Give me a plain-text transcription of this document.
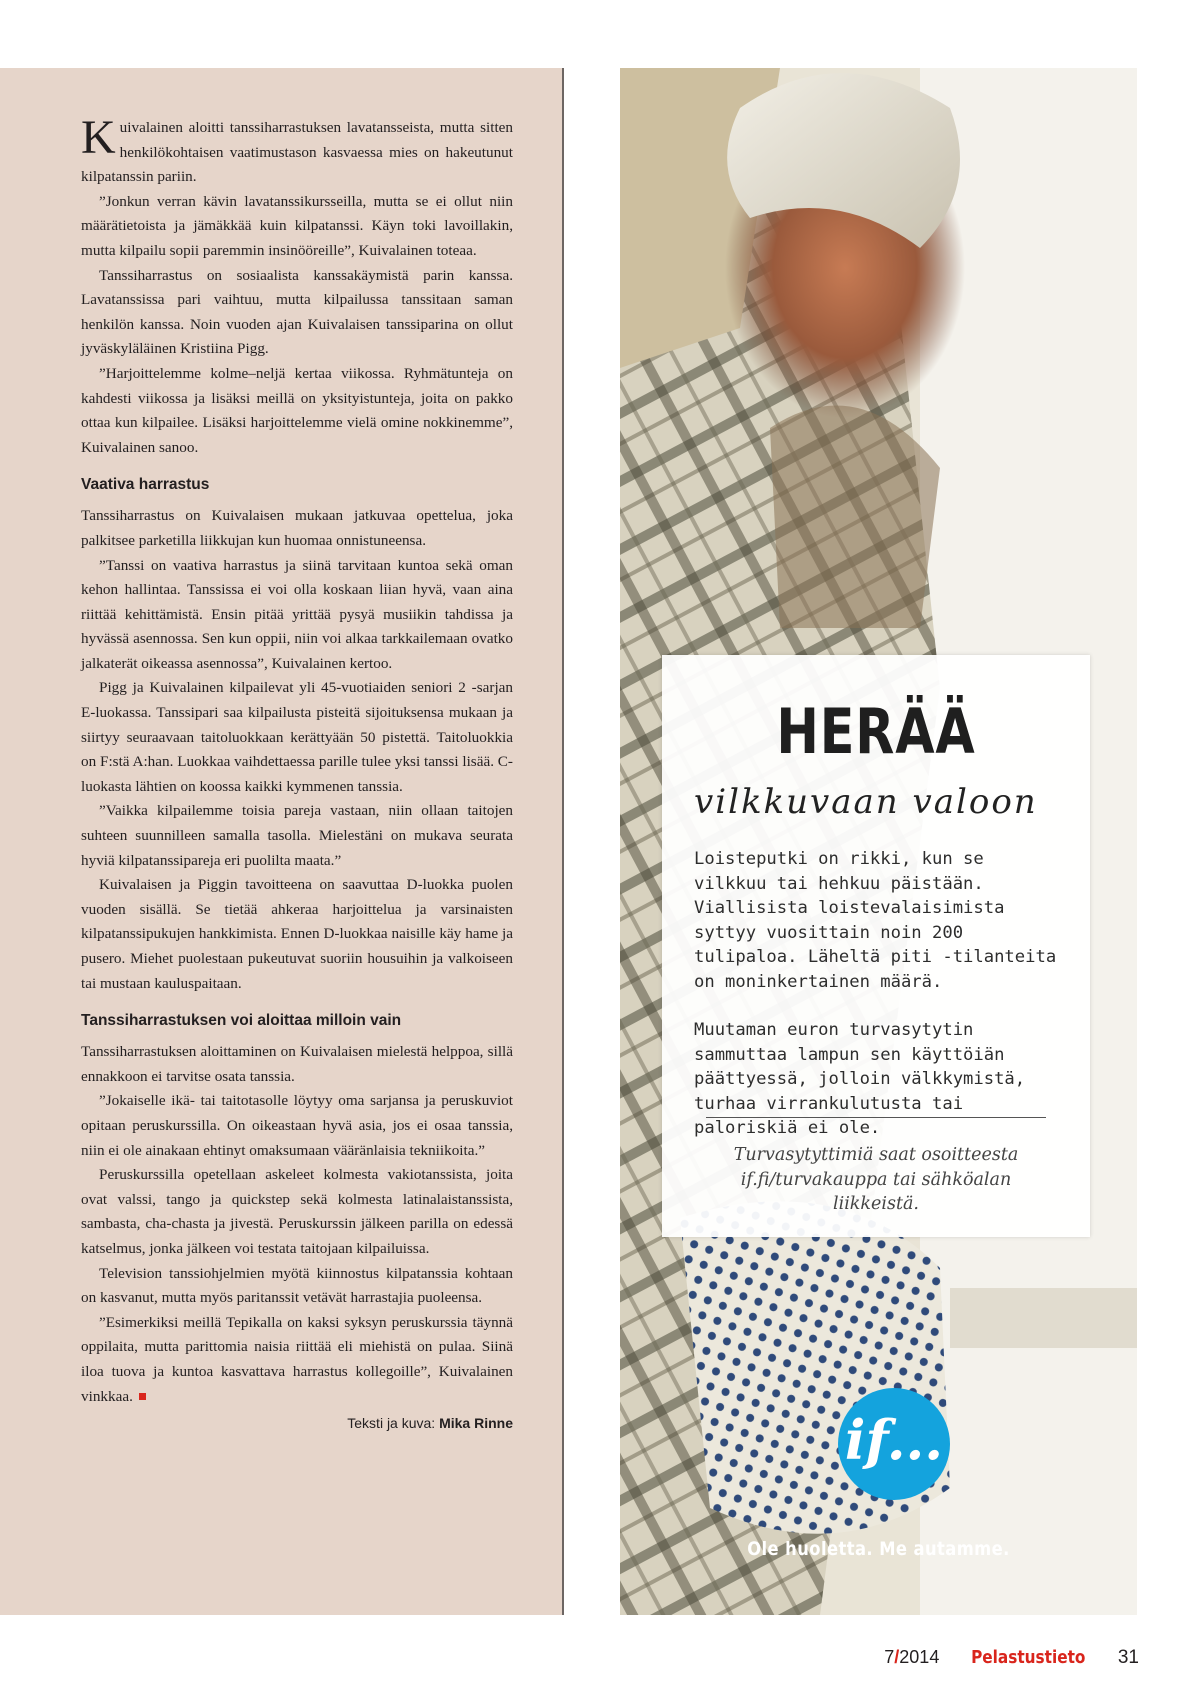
Kuivalainen aloitti tanssiharrastuksen lavatansseista, mutta sitten henkilökohtaisen vaatimustason kasvaessa mies on hakeutunut kilpatanssin pariin.

”Jonkun verran kävin lavatanssikursseilla, mutta se ei ollut niin määrätietoista ja jämäkkää kuin kilpatanssi. Käyn toki lavoillakin, mutta kilpailu sopii paremmin insinööreille”, Kuivalainen toteaa.

Tanssiharrastus on sosiaalista kanssakäymistä parin kanssa. Lavatanssissa pari vaihtuu, mutta kilpailussa tanssitaan saman henkilön kanssa. Noin vuoden ajan Kuivalaisen tanssiparina on ollut jyväskyläläinen Kristiina Pigg.

”Harjoittelemme kolme–neljä kertaa viikossa. Ryhmätunteja on kahdesti viikossa ja lisäksi meillä on yksityistunteja, joita on pakko ottaa kun kilpailee. Lisäksi harjoittelemme vielä omine nokkinemme”, Kuivalainen sanoo.

Vaativa harrastus

Tanssiharrastus on Kuivalaisen mukaan jatkuvaa opettelua, joka palkitsee parketilla liikkujan kun huomaa onnistuneensa.

”Tanssi on vaativa harrastus ja siinä tarvitaan kuntoa sekä oman kehon hallintaa. Tanssissa ei voi olla koskaan liian hyvä, vaan aina riittää kehittämistä. Ensin pitää yrittää pysyä musiikin tahdissa ja hyvässä asennossa. Sen kun oppii, niin voi alkaa tarkkailemaan ovatko jalkaterät oikeassa asennossa”, Kuivalainen kertoo.

Pigg ja Kuivalainen kilpailevat yli 45-vuotiaiden seniori 2 -sarjan E-luokassa. Tanssipari saa kilpailusta pisteitä sijoituksensa mukaan ja siirtyy seuraavaan taitoluokkaan kerättyään 50 pistettä. Taitoluokkia on F:stä A:han. Luokkaa vaihdettaessa parille tulee yksi tanssi lisää. C-luokasta lähtien on koossa kaikki kymmenen tanssia.

”Vaikka kilpailemme toisia pareja vastaan, niin ollaan taitojen suhteen suunnilleen samalla tasolla. Mielestäni on mukava seurata hyviä kilpatanssipareja eri puolilta maata.”

Kuivalaisen ja Piggin tavoitteena on saavuttaa D-luokka puolen vuoden sisällä. Se tietää ahkeraa harjoittelua ja varsinaisten kilpatanssipukujen hankkimista. Ennen D-luokkaa naisille käy hame ja pusero. Miehet puolestaan pukeutuvat suoriin housuihin ja valkoiseen tai mustaan kauluspaitaan.

Tanssiharrastuksen voi aloittaa milloin vain

Tanssiharrastuksen aloittaminen on Kuivalaisen mielestä helppoa, sillä ennakkoon ei tarvitse osata tanssia.

”Jokaiselle ikä- tai taitotasolle löytyy oma sarjansa ja peruskuviot opitaan peruskurssilla. On oikeastaan hyvä asia, jos ei osaa tanssia, niin ei ole ainakaan ehtinyt omaksumaan vääränlaisia tekniikoita.”

Peruskurssilla opetellaan askeleet kolmesta vakiotanssista, joita ovat valssi, tango ja quickstep sekä kolmesta latinalaistanssista, sambasta, cha-chasta ja jivestä. Peruskurssin jälkeen parilla on edessä katselmus, jonka jälkeen voi testata taitojaan kilpailuissa.

Television tanssiohjelmien myötä kiinnostus kilpatanssia kohtaan on kasvanut, mutta myös paritanssit vetävät harrastajia puoleensa.

”Esimerkiksi meillä Tepikalla on kaksi syksyn peruskurssia täynnä oppilaita, mutta parittomia naisia riittää eli miehistä on pulaa. Siinä iloa tuova ja kuntoa kasvattava harrastus kollegoille”, Kuivalainen vinkkaa.

Teksti ja kuva: Mika Rinne
HERÄÄ
vilkkuvaan valoon

Loisteputki on rikki, kun se vilkkuu tai hehkuu päistään. Viallisista loistevalaisimista syttyy vuosittain noin 200 tulipaloa. Läheltä piti -tilanteita on moninkertainen määrä.

Muutaman euron turvasytytin sammuttaa lampun sen käyttöiän päättyessä, jolloin välkkymistä, turhaa virrankulutusta tai paloriskiä ei ole.

Turvasytyttimiä saat osoitteesta if.fi/turvakauppa tai sähköalan liikkeistä.
if...
Ole huoletta. Me autamme.
7/2014 Pelastustieto 31
